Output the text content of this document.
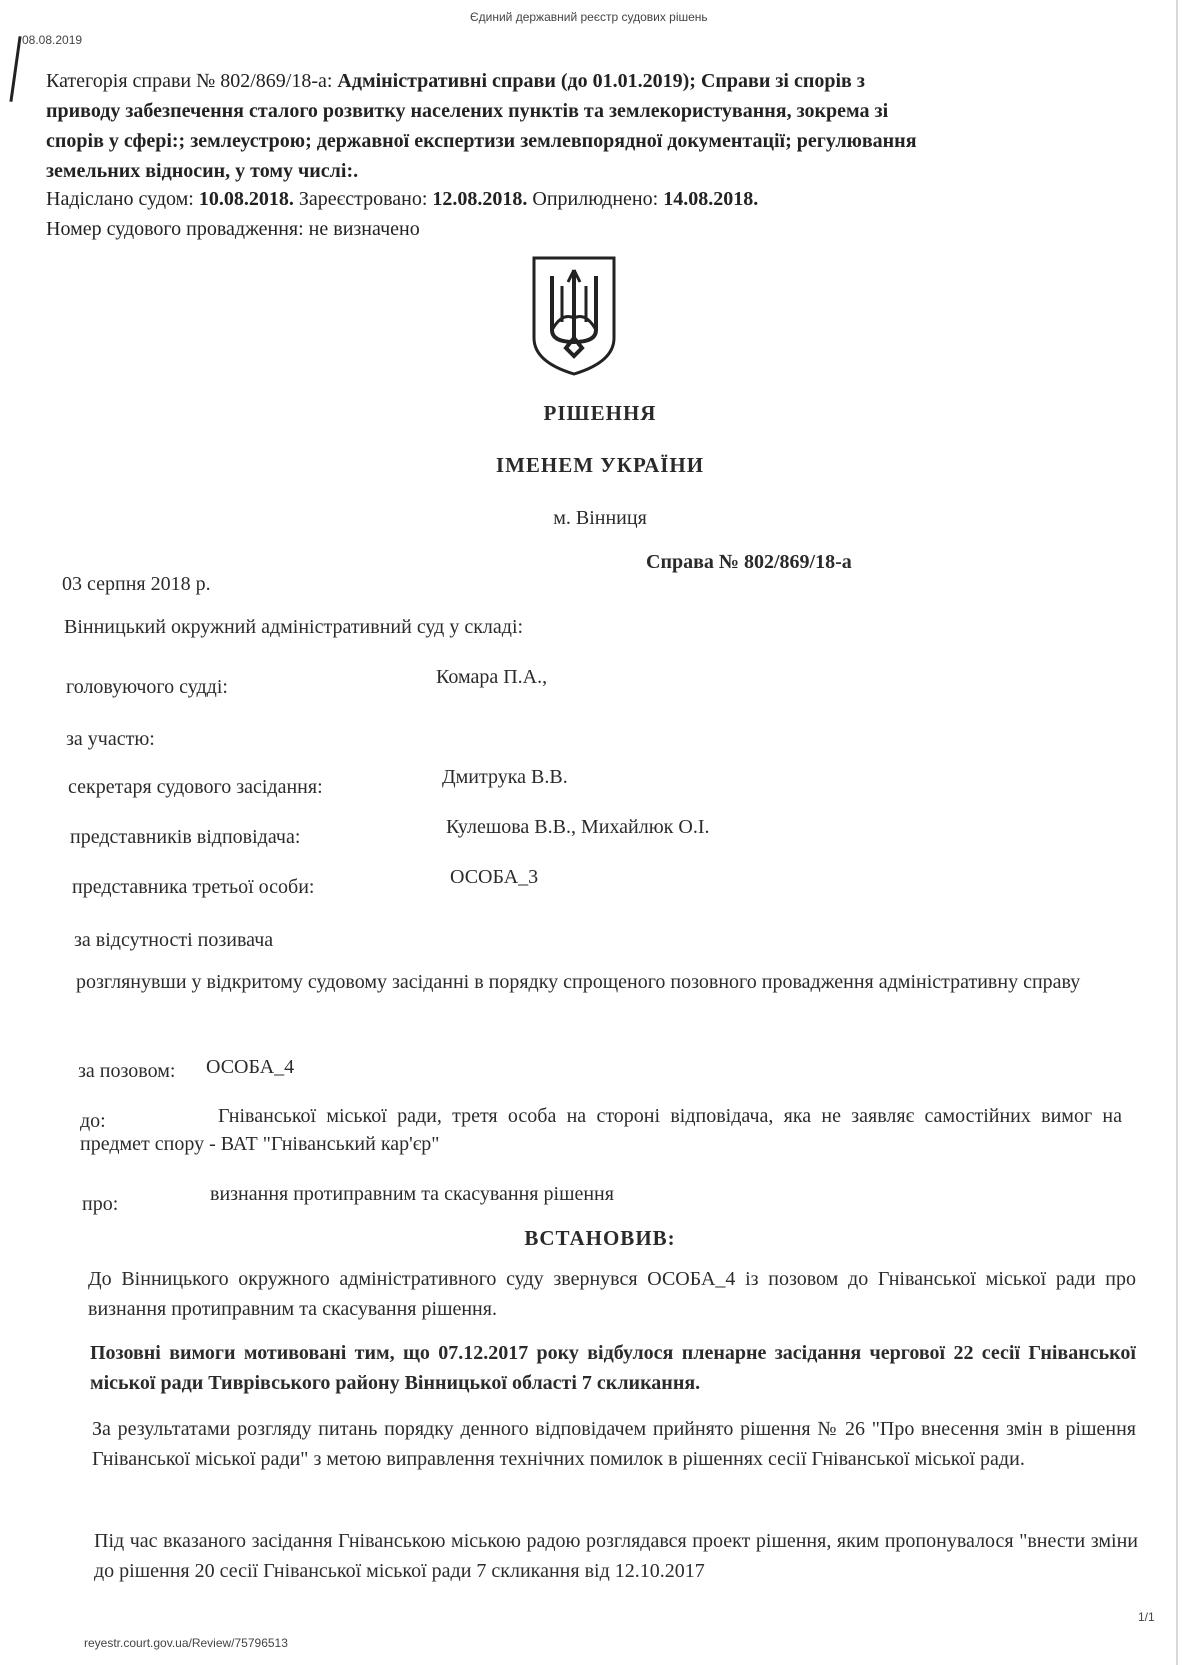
Єдиний державний реєстр судових рішень
08.08.2019
Категорія справи № 802/869/18-а: Адміністративні справи (до 01.01.2019); Справи зі спорів з
приводу забезпечення сталого розвитку населених пунктів та землекористування, зокрема зі
спорів у сфері:; землеустрою; державної експертизи землевпорядної документації; регулювання
земельних відносин, у тому числі:.
Надіслано судом: 10.08.2018. Зареєстровано: 12.08.2018. Оприлюднено: 14.08.2018.
Номер судового провадження: не визначено
РІШЕННЯ
ІМЕНЕМ УКРАЇНИ
м. Вінниця
Справа № 802/869/18-а
03 серпня 2018 р.
Вінницький окружний адміністративний суд у складі:
головуючого судді:	Комара П.А.,
за участю:
секретаря судового засідання:	Дмитрука В.В.
представників відповідача:	Кулешова В.В., Михайлюк О.І.
представника третьої особи:	ОСОБА_3
за відсутності позивача
розглянувши у відкритому судовому засіданні в порядку спрощеного позовного провадження адміністративну справу
за позовом: ОСОБА_4
до:	Гніванської міської ради, третя особа на стороні відповідача, яка не заявляє самостійних вимог на предмет спору - ВАТ "Гніванський кар'єр"
про:	визнання протиправним та скасування рішення
ВСТАНОВИВ:
До Вінницького окружного адміністративного суду звернувся ОСОБА_4 із позовом до Гніванської міської ради про визнання протиправним та скасування рішення.
Позовні вимоги мотивовані тим, що 07.12.2017 року відбулося пленарне засідання чергової 22 сесії Гніванської міської ради Тиврівського району Вінницької області 7 скликання.
За результатами розгляду питань порядку денного відповідачем прийнято рішення № 26 "Про внесення змін в рішення Гніванської міської ради" з метою виправлення технічних помилок в рішеннях сесії Гніванської міської ради.
Під час вказаного засідання Гніванською міською радою розглядався проект рішення, яким пропонувалося "внести зміни до рішення 20 сесії Гніванської міської ради 7 скликання від 12.10.2017
reyestr.court.gov.ua/Review/75796513
1/1
